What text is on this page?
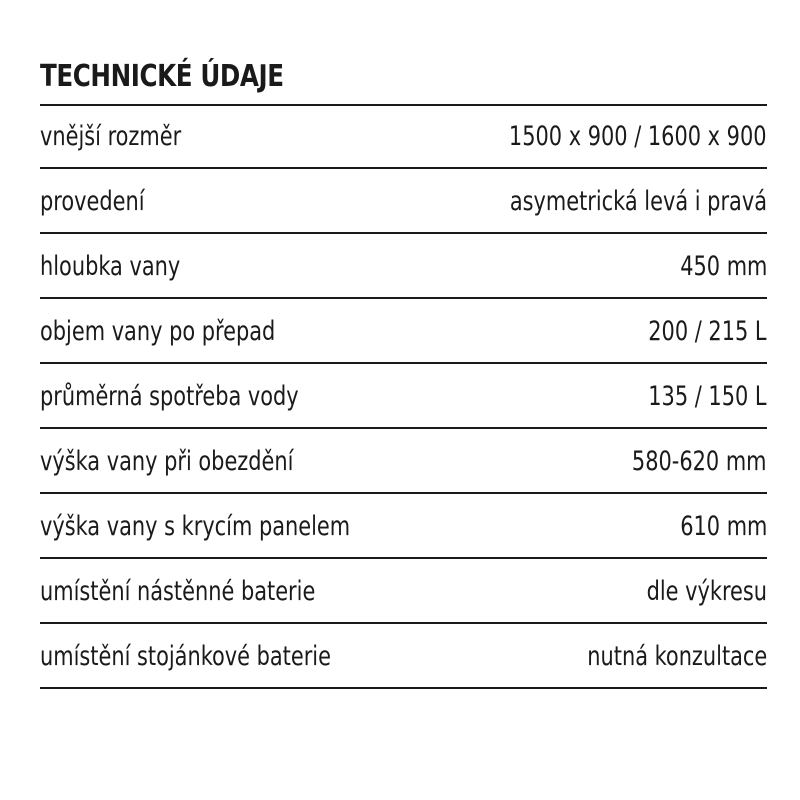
TECHNICKÉ ÚDAJE
vnější rozměr	1500 x 900 / 1600 x 900
provedení	asymetrická levá i pravá
hloubka vany	450 mm
objem vany po přepad	200 / 215 L
průměrná spotřeba vody	135 / 150 L
výška vany při obezdění	580-620 mm
výška vany s krycím panelem	610 mm
umístění nástěnné baterie	dle výkresu
umístění stojánkové baterie	nutná konzultace
